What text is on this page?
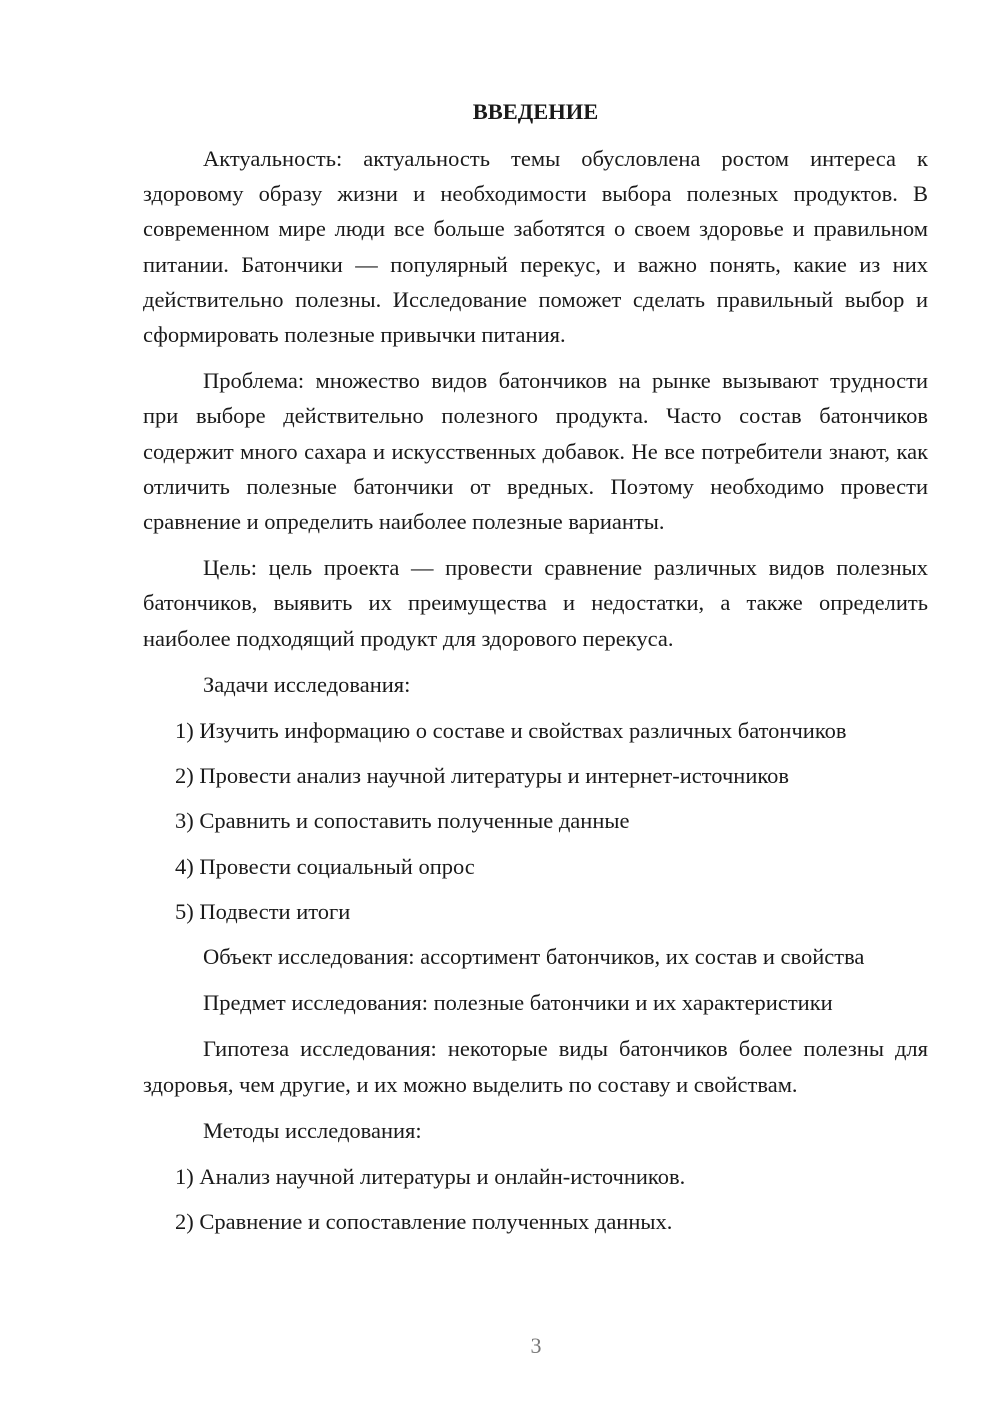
ВВЕДЕНИЕ

Актуальность: актуальность темы обусловлена ростом интереса к здоровому образу жизни и необходимости выбора полезных продуктов. В современном мире люди все больше заботятся о своем здоровье и правильном питании. Батончики — популярный перекус, и важно понять, какие из них действительно полезны. Исследование поможет сделать правильный выбор и сформировать полезные привычки питания.

Проблема: множество видов батончиков на рынке вызывают трудности при выборе действительно полезного продукта. Часто состав батончиков содержит много сахара и искусственных добавок. Не все потребители знают, как отличить полезные батончики от вредных. Поэтому необходимо провести сравнение и определить наиболее полезные варианты.

Цель: цель проекта — провести сравнение различных видов полезных батончиков, выявить их преимущества и недостатки, а также определить наиболее подходящий продукт для здорового перекуса.

Задачи исследования:
1) Изучить информацию о составе и свойствах различных батончиков
2) Провести анализ научной литературы и интернет-источников
3) Сравнить и сопоставить полученные данные
4) Провести социальный опрос
5) Подвести итоги

Объект исследования: ассортимент батончиков, их состав и свойства

Предмет исследования: полезные батончики и их характеристики

Гипотеза исследования: некоторые виды батончиков более полезны для здоровья, чем другие, и их можно выделить по составу и свойствам.

Методы исследования:
1) Анализ научной литературы и онлайн-источников.
2) Сравнение и сопоставление полученных данных.
3
